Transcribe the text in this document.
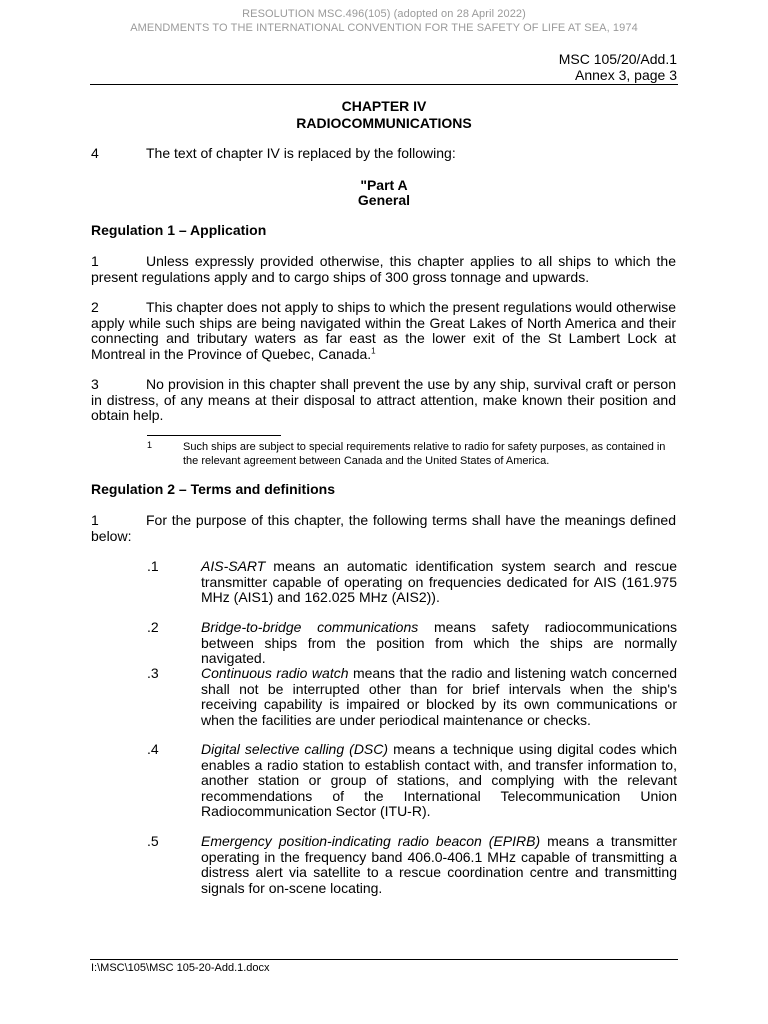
RESOLUTION MSC.496(105) (adopted on 28 April 2022)
AMENDMENTS TO THE INTERNATIONAL CONVENTION FOR THE SAFETY OF LIFE AT SEA, 1974
MSC 105/20/Add.1
Annex 3, page 3
CHAPTER IV
RADIOCOMMUNICATIONS
4	The text of chapter IV is replaced by the following:
"Part A
General
Regulation 1 – Application
1	Unless expressly provided otherwise, this chapter applies to all ships to which the present regulations apply and to cargo ships of 300 gross tonnage and upwards.
2	This chapter does not apply to ships to which the present regulations would otherwise apply while such ships are being navigated within the Great Lakes of North America and their connecting and tributary waters as far east as the lower exit of the St Lambert Lock at Montreal in the Province of Quebec, Canada.$^1$
3	No provision in this chapter shall prevent the use by any ship, survival craft or person in distress, of any means at their disposal to attract attention, make known their position and obtain help.
1	Such ships are subject to special requirements relative to radio for safety purposes, as contained in the relevant agreement between Canada and the United States of America.
Regulation 2 – Terms and definitions
1	For the purpose of this chapter, the following terms shall have the meanings defined below:
.1	AIS-SART means an automatic identification system search and rescue transmitter capable of operating on frequencies dedicated for AIS (161.975 MHz (AIS1) and 162.025 MHz (AIS2)).
.2	Bridge-to-bridge communications means safety radiocommunications between ships from the position from which the ships are normally navigated.
.3	Continuous radio watch means that the radio and listening watch concerned shall not be interrupted other than for brief intervals when the ship's receiving capability is impaired or blocked by its own communications or when the facilities are under periodical maintenance or checks.
.4	Digital selective calling (DSC) means a technique using digital codes which enables a radio station to establish contact with, and transfer information to, another station or group of stations, and complying with the relevant recommendations of the International Telecommunication Union Radiocommunication Sector (ITU-R).
.5	Emergency position-indicating radio beacon (EPIRB) means a transmitter operating in the frequency band 406.0-406.1 MHz capable of transmitting a distress alert via satellite to a rescue coordination centre and transmitting signals for on-scene locating.
I:\MSC\105\MSC 105-20-Add.1.docx
